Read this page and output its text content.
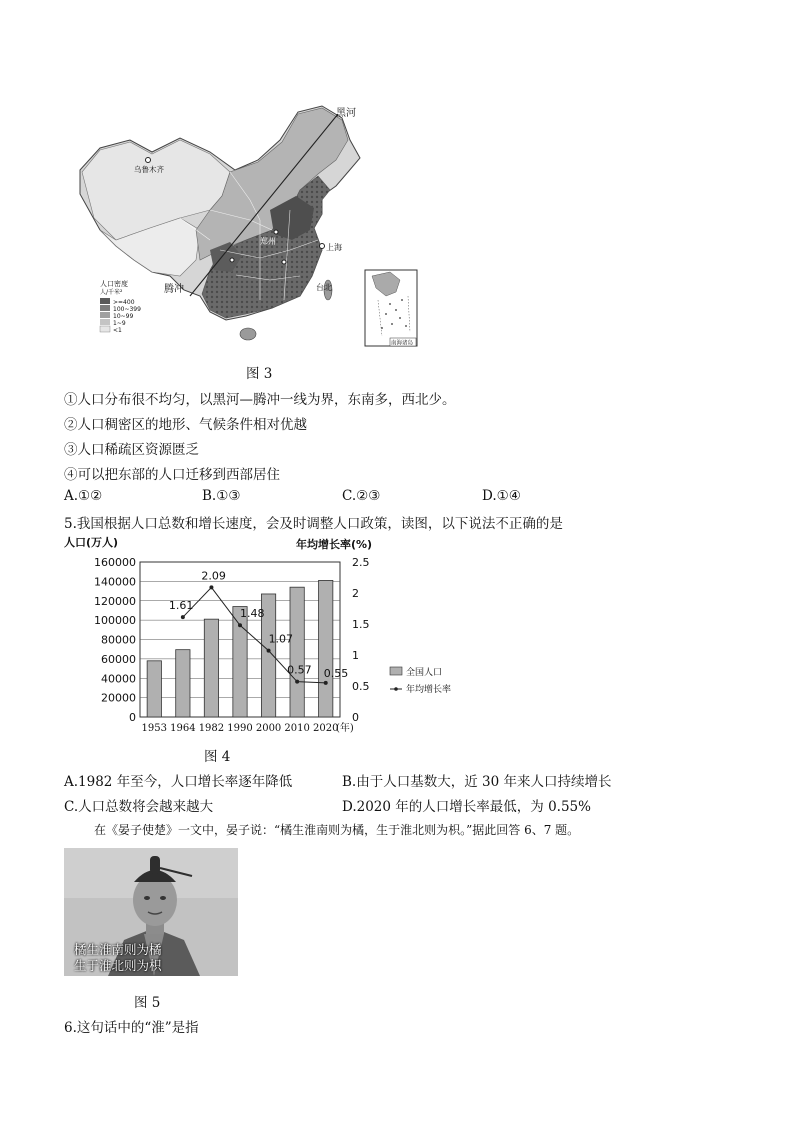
黑河
乌鲁木齐
上海
郑州
腾冲	台北
人口密度
人/千米²
>=400
100~399
10~99
1~9
<1
南海诸岛
图 3
①人口分布很不均匀，以黑河—腾冲一线为界，东南多，西北少。
②人口稠密区的地形、气候条件相对优越
③人口稀疏区资源匮乏
④可以把东部的人口迁移到西部居住
A.①②	B.①③	C.②③	D.①④
5.我国根据人口总数和增长速度，会及时调整人口政策，读图，以下说法不正确的是
人口(万人)	年均增长率(%)
0
20000
40000
60000
80000
100000
120000
140000
160000
0
0.5
1
1.5
2
2.5
1953 1964 1982 1990 2000 2010 2020
(年)
1.61
2.09
1.48
1.07
0.57 0.55	全国人口
年均增长率
图 4
A.1982 年至今，人口增长率逐年降低	B.由于人口基数大，近 30 年来人口持续增长
C.人口总数将会越来越大	D.2020 年的人口增长率最低，为 0.55%
在《晏子使楚》一文中，晏子说：“橘生淮南则为橘，生于淮北则为枳。”据此回答 6、7 题。
橘生淮南则为橘
生于淮北则为枳
图 5
6.这句话中的“淮”是指
